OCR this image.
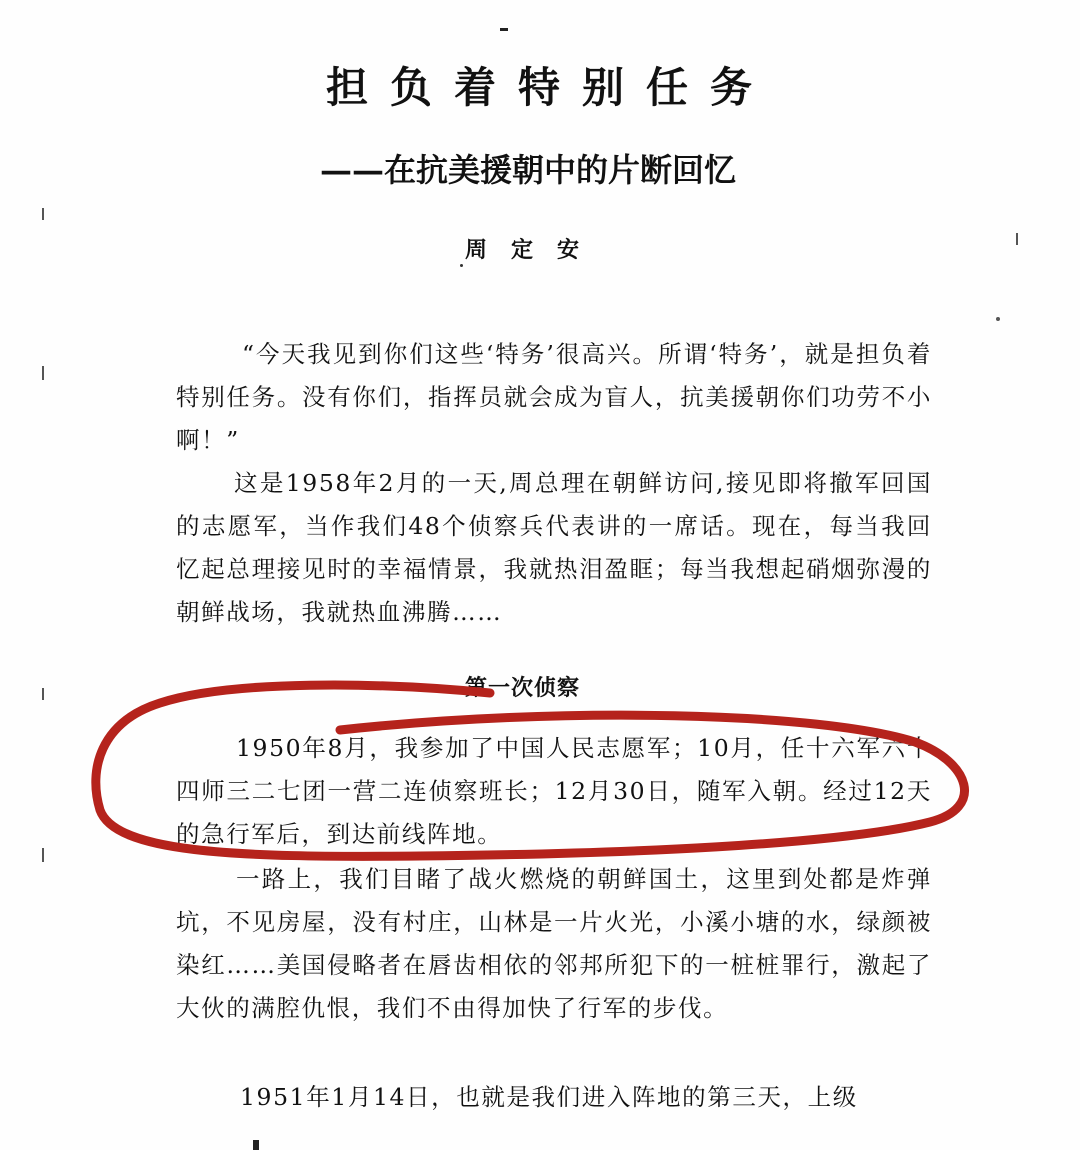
担负着特别任务
——在抗美援朝中的片断回忆
周定安

“今天我见到你们这些‘特务’很高兴。所谓‘特务’，就是担负着特别任务。没有你们，指挥员就会成为盲人，抗美援朝你们功劳不小啊！”

这是1958年2月的一天,周总理在朝鲜访问,接见即将撤军回国的志愿军，当作我们48个侦察兵代表讲的一席话。现在，每当我回忆起总理接见时的幸福情景，我就热泪盈眶；每当我想起硝烟弥漫的朝鲜战场，我就热血沸腾……

第一次侦察

1950年8月，我参加了中国人民志愿军；10月，任十六军六十四师三二七团一营二连侦察班长；12月30日，随军入朝。经过12天的急行军后，到达前线阵地。

一路上，我们目睹了战火燃烧的朝鲜国土，这里到处都是炸弹坑，不见房屋，没有村庄，山林是一片火光，小溪小塘的水，绿颜被染红……美国侵略者在唇齿相依的邻邦所犯下的一桩桩罪行，激起了大伙的满腔仇恨，我们不由得加快了行军的步伐。

1951年1月14日，也就是我们进入阵地的第三天，上级
